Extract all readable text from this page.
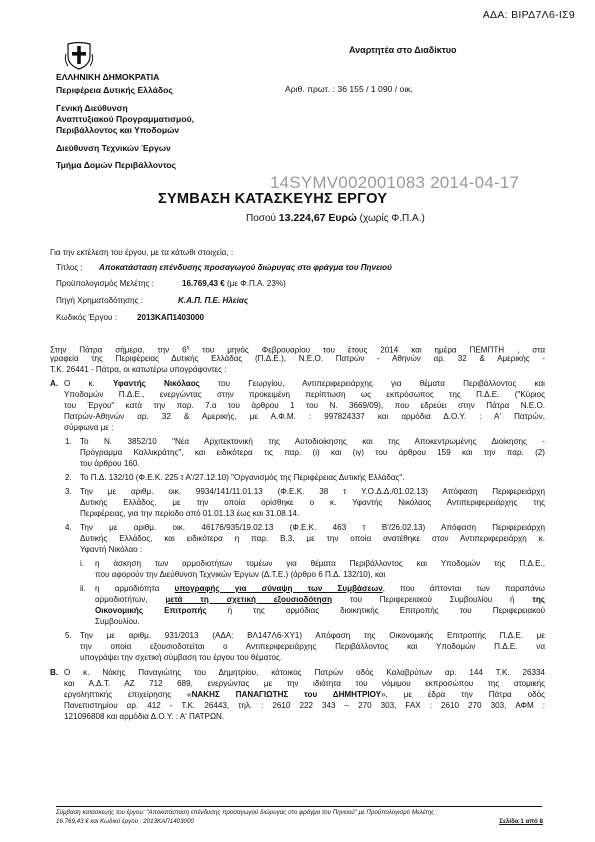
ΑΔΑ: ΒΙΡΔ7Λ6-ΙΣ9
Αναρτητέα στο Διαδίκτυο
ΕΛΛΗΝΙΚΗ ΔΗΜΟΚΡΑΤΙΑ
Περιφέρεια Δυτικής Ελλάδος
Γενική Διεύθυνση
Αναπτυξιακού Προγραμματισμού,
Περιβάλλοντος και Υποδομών
Διεύθυνση Τεχνικών Έργων
Τμήμα Δομών Περιβάλλοντος
Αριθ. πρωτ. : 36 155 / 1 090 / οικ.
14SYMV002001083 2014-04-17
ΣΥΜΒΑΣΗ ΚΑΤΑΣΚΕΥΗΣ ΕΡΓΟΥ
Ποσού 13.224,67 Ευρώ (χωρίς Φ.Π.Α.)
Για την εκτέλεση του έργου, με τα κάτωθι στοιχεία, :
Τίτλος : Αποκατάσταση επένδυσης προσαγωγού διώρυγας στο φράγμα του Πηνειού
Προϋπολογισμός Μελέτης :	16.769,43 € (με Φ.Π.Α. 23%)
Πηγή Χρηματοδότησης :	Κ.Α.Π. Π.Ε. Ηλείας
Κωδικός Έργου : 2013ΚΑΠ1403000
Στην Πάτρα σήμερα, την $6^\eta$ του μηνός Φεβρουαρίου του έτους 2014 και ημέρα ΠΕΜΠΤΗ , στα
γραφεία της Περιφέρειας Δυτικής Ελλάδας (Π.Δ.Ε.), Ν.Ε.Ο. Πατρών - Αθηνών αρ. 32 & Αμερικής -
Τ.Κ. 26441 - Πάτρα, οι κατωτέρω υπογράφοντες :
Α. Ο κ. Υφαντής Νικόλαος του Γεωργίου, Αντιπεριφερειάρχης για θέματα Περιβάλλοντος και
Υποδομών Π.Δ.Ε., ενεργώντας στην προκειμένη περίπτωση ως εκπρόσωπος της Π.Δ.Ε. ("Κύριος
του Έργου" κατά την παρ. 7.α του άρθρου 1 του Ν. 3669/09), που εδρεύει στην Πάτρα Ν.Ε.Ο.
Πατρών-Αθηνών αρ. 32 & Αμερικής, με Α.Φ.Μ. : 997824337 και αρμόδια Δ.Ο.Υ. : Α' Πατρών,
σύμφωνα με :
1. Το Ν. 3852/10 "Νέα Αρχιτεκτονική της Αυτοδιοίκησης και της Αποκεντρωμένης Διοίκησης -
Πρόγραμμα Καλλικράτης", και ειδικότερα τις παρ. (ι) και (ιγ) του άρθρου 159 και την παρ. (2)
του άρθρου 160.
2. Το Π.Δ. 132/10 (Φ.Ε.Κ. 225 τ Α'/27.12.10) "Οργανισμός της Περιφέρειας Δυτικής Ελλάδας".
3. Την με αριθμ. οικ. 9934/141/11.01.13 (Φ.Ε.Κ. 38 τ Υ.Ο.Δ.Δ./01.02.13) Απόφαση Περιφερειάρχη
Δυτικής Ελλάδος, με την οποία ορίσθηκε ο κ. Υφαντής Νικόλαος Αντιπεριφερειάρχης της
Περιφέρειας, για την περίοδο από 01.01.13 έως και 31.08.14.
4. Την με αριθμ. οικ. 46176/935/19.02.13 (Φ.Ε.Κ. 463 τ Β'/26.02.13) Απόφαση Περιφερειάρχη
Δυτικής Ελλάδος, και ειδικότερα η παρ. Β.3, με την οποία ανατέθηκε στον Αντιπεριφερειάρχη κ.
Υφαντή Νικόλαο :
i. η άσκηση των αρμοδιοτήτων τομέων για θέματα Περιβάλλοντος και Υποδομών της Π.Δ.Ε.,
που αφορούν την Διεύθυνση Τεχνικών Έργων (Δ.Τ.Ε.) (άρθρο 6 Π.Δ. 132/10), και
ii. η αρμοδιότητα υπογραφής για σύναψη των Συμβάσεων, που άπτονται των παραπάνω
αρμοδιοτήτων, μετά τη σχετική εξουσιοδότηση του Περιφερειακού Συμβουλίου ή της
Οικονομικής Επιτροπής ή της αρμόδιας διοικητικής Επιτροπής του Περιφερειακού
Συμβουλίου.
5. Την με αριθμ. 931/2013 (ΑΔΑ: ΒΛ147Λ6-ΧΥ1) Απόφαση της Οικονομικής Επιτροπής Π.Δ.Ε. με
την οποία εξουσιοδοτείται ο Αντιπεριφερειάρχης Περιβάλλοντος και Υποδομών Π.Δ.Ε. να
υπογράψει την σχετική σύμβαση του έργου του θέματος.
Β. Ο κ. Νάκης Παναγιώτης του Δημητρίου, κάτοικος Πατρών οδός Καλαβρύτων αρ. 144 Τ.Κ. 26334
και Α.Δ.Τ. ΑΖ 712 689, ενεργώντας με την ιδιότητα του νόμιμου εκπροσώπου της ατομικής
εργοληπτικής επιχείρησης «ΝΑΚΗΣ ΠΑΝΑΓΙΩΤΗΣ του ΔΗΜΗΤΡΙΟΥ», με έδρα την Πάτρα οδός
Πανεπιστημίου αρ. 412 - Τ.Κ. 26443, τηλ. : 2610 222 343 – 270 303, FAX : 2610 270 303, ΑΦΜ :
121096808 και αρμόδια Δ.Ο.Υ. : Α' ΠΑΤΡΩΝ.
Σύμβαση κατασκευής του έργου: "Αποκατάσταση επένδυσης προσαγωγού διώρυγας στο φράγμα του Πηνειού" με Προϋπολογισμό Μελέτης :
16.769,43 € και Κωδικό έργου : 2013ΚΑΠ1403000	Σελίδα 1 από 8
